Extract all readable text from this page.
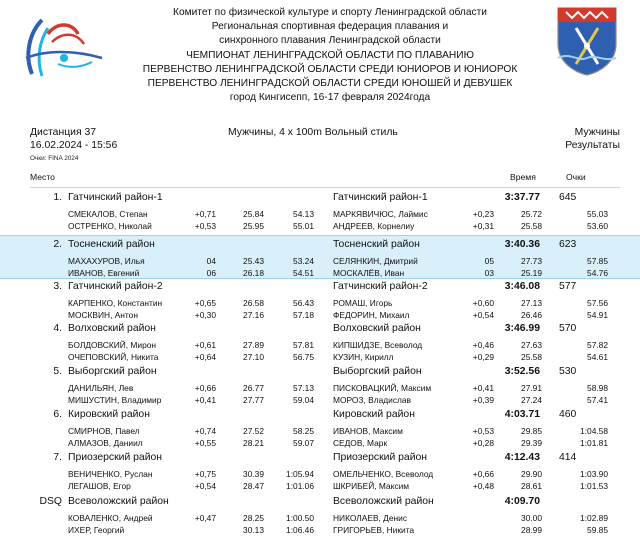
Комитет по физической культуре и спорту Ленинградской области
Региональная спортивная федерация плавания и
синхронного плавания Ленинградской области
ЧЕМПИОНАТ ЛЕНИНГРАДСКОЙ ОБЛАСТИ ПО ПЛАВАНИЮ
ПЕРВЕНСТВО ЛЕНИНГРАДСКОЙ ОБЛАСТИ СРЕДИ ЮНИОРОВ И ЮНИОРОК
ПЕРВЕНСТВО ЛЕНИНГРАДСКОЙ ОБЛАСТИ СРЕДИ ЮНОШЕЙ И ДЕВУШЕК
город Кингисепп, 16-17 февраля 2024года
Дистанция 37	Мужчины, 4 x 100m Вольный стиль	Мужчины
16.02.2024 - 15:56	Результаты
Очки: FINA 2024
Место	Время	Очки
1. Гатчинский район-1	Гатчинский район-1	3:37.77 645
СМЕКАЛОВ, Степан	+0,71	25.84	54.13 МАРКЯВИЧЮС, Лаймис	+0,23	25.72	55.03
ОСТРЕНКО, Николай	+0,53	25.95	55.01 АНДРЕЕВ, Корнелиу	+0,31	25.58	53.60
2. Тосненский район	Тосненский район	3:40.36 623
МАХАХУРОВ, Илья	04	25.43	53.24 СЕЛЯНКИН, Дмитрий	05	27.73	57.85
ИВАНОВ, Евгений	06	26.18	54.51 МОСКАЛЁВ, Иван	03	25.19	54.76
3. Гатчинский район-2	Гатчинский район-2	3:46.08 577
КАРПЕНКО, Константин	+0,65	26.58	56.43 РОМАШ, Игорь	+0,60	27.13	57.56
МОСКВИН, Антон	+0,30	27.16	57.18 ФЕДОРИН, Михаил	+0,54	26.46	54.91
4. Волховский район	Волховский район	3:46.99 570
БОЛДОВСКИЙ, Мирон	+0,61	27.89	57.81 КИПШИДЗЕ, Всеволод	+0,46	27.63	57.82
ОЧЕПОВСКИЙ, Никита	+0,64	27.10	56.75 КУЗИН, Кирилл	+0,29	25.58	54.61
5. Выборгский район	Выборгский район	3:52.56 530
ДАНИЛЬЯН, Лев	+0,66	26.77	57.13 ПИСКОВАЦКИЙ, Максим	+0,41	27.91	58.98
МИШУСТИН, Владимир	+0,41	27.77	59.04 МОРОЗ, Владислав	+0,39	27.24	57.41
6. Кировский район	Кировский район	4:03.71 460
СМИРНОВ, Павел	+0,74	27.52	58.25 ИВАНОВ, Максим	+0,53	29.85	1:04.58
АЛМАЗОВ, Даниил	+0,55	28.21	59.07 СЕДОВ, Марк	+0,28	29.39	1:01.81
7. Приозерский район	Приозерский район	4:12.43 414
ВЕНИЧЕНКО, Руслан	+0,75	30.39	1:05.94 ОМЕЛЬЧЕНКО, Всеволод	+0,66	29.90	1:03.90
ЛЕГАШОВ, Егор	+0,54	28.47	1:01.06 ШКРИБЕЙ, Максим	+0,48	28.61	1:01.53
DSQ Всеволожский район	Всеволожский район	4:09.70
КОВАЛЕНКО, Андрей	+0,47	28.25	1:00.50 НИКОЛАЕВ, Денис	30.00	1:02.89
ИХЕР, Георгий	30.13	1:06.46 ГРИГОРЬЕВ, Никита	28.99	59.85
